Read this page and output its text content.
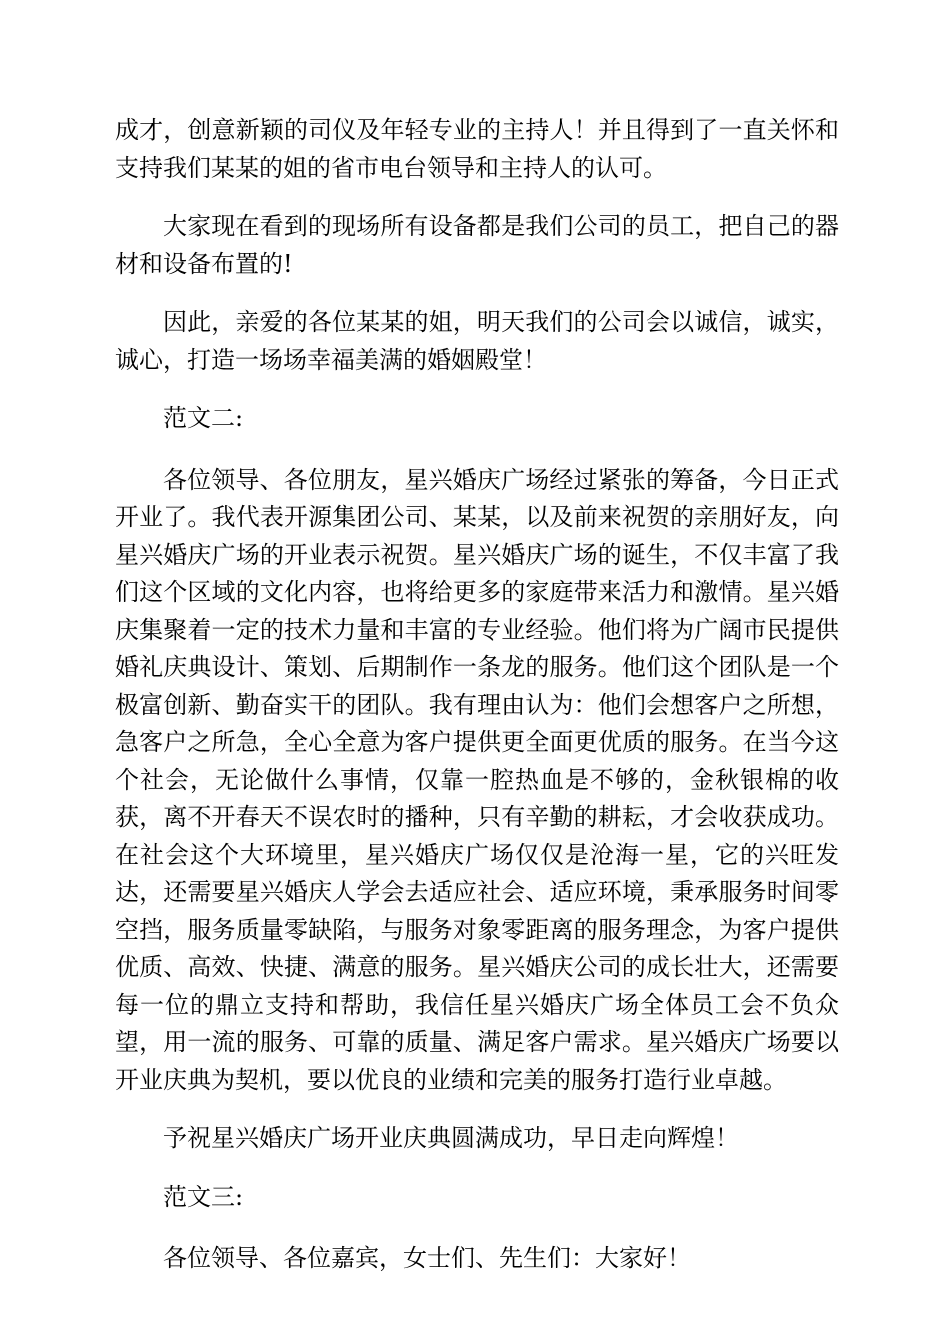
成才，创意新颖的司仪及年轻专业的主持人！并且得到了一直关怀和支持我们某某的姐的省市电台领导和主持人的认可。

大家现在看到的现场所有设备都是我们公司的员工，把自己的器材和设备布置的!

因此，亲爱的各位某某的姐，明天我们的公司会以诚信，诚实，诚心，打造一场场幸福美满的婚姻殿堂！

范文二:

各位领导、各位朋友，星兴婚庆广场经过紧张的筹备，今日正式开业了。我代表开源集团公司、某某，以及前来祝贺的亲朋好友，向星兴婚庆广场的开业表示祝贺。星兴婚庆广场的诞生，不仅丰富了我们这个区域的文化内容，也将给更多的家庭带来活力和激情。星兴婚庆集聚着一定的技术力量和丰富的专业经验。他们将为广阔市民提供婚礼庆典设计、策划、后期制作一条龙的服务。他们这个团队是一个极富创新、勤奋实干的团队。我有理由认为：他们会想客户之所想，急客户之所急，全心全意为客户提供更全面更优质的服务。在当今这个社会，无论做什么事情，仅靠一腔热血是不够的，金秋银棉的收获，离不开春天不误农时的播种，只有辛勤的耕耘，才会收获成功。在社会这个大环境里，星兴婚庆广场仅仅是沧海一星，它的兴旺发达，还需要星兴婚庆人学会去适应社会、适应环境，秉承服务时间零空挡，服务质量零缺陷，与服务对象零距离的服务理念，为客户提供优质、高效、快捷、满意的服务。星兴婚庆公司的成长壮大，还需要每一位的鼎立支持和帮助，我信任星兴婚庆广场全体员工会不负众望，用一流的服务、可靠的质量、满足客户需求。星兴婚庆广场要以开业庆典为契机，要以优良的业绩和完美的服务打造行业卓越。

予祝星兴婚庆广场开业庆典圆满成功，早日走向辉煌！

范文三:

各位领导、各位嘉宾，女士们、先生们：大家好！
